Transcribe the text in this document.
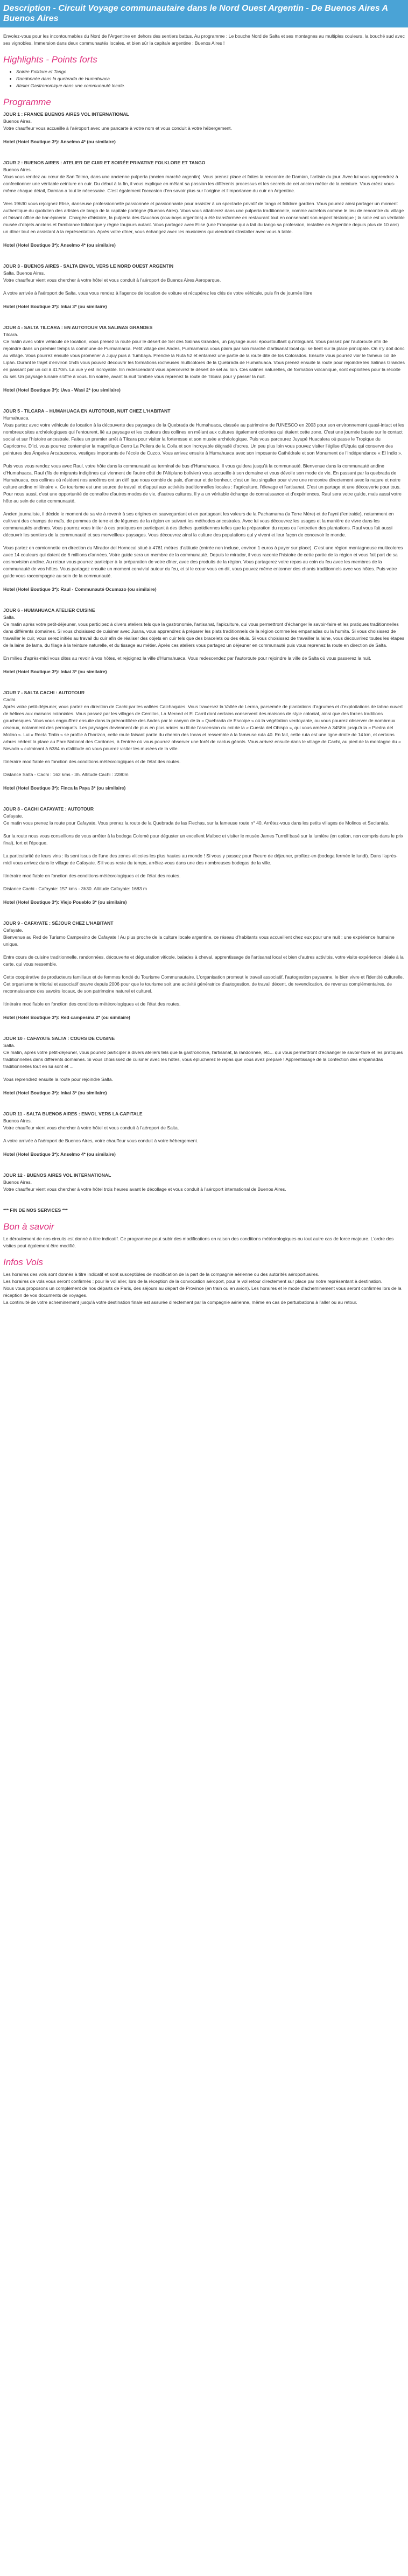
Description - Circuit Voyage communautaire dans le Nord Ouest Argentin - De Buenos Aires A Buenos Aires

Envolez-vous pour les incontournables du Nord de l'Argentine en dehors des sentiers battus. Au programme : Le bouche Nord de Salta et ses montagnes au multiples couleurs, la bouché sud avec ses vignobles. Immersion dans deux communautés locales, et bien sûr la capitale argentine : Buenos Aires !

Highlights - Points forts
• Soirée Folklore et Tango
• Randonnée dans la quebrada de Humahuaca
• Atelier Gastronomique dans une communauté locale.
Programme

JOUR 1 : FRANCE BUENOS AIRES VOL INTERNATIONAL

Buenos Aires.

Votre chauffeur vous accueille à l'aéroport avec une pancarte à votre nom et vous conduit à votre hébergement.

Hotel (Hotel Boutique 3*): Anselmo 4* (ou similaire)

JOUR 2 : BUENOS AIRES : ATELIER DE CUIR ET SOIRÉE PRIVATIVE FOLKLORE ET TANGO

Buenos Aires.

Vous vous rendez au cœur de San Telmo, dans une ancienne pulpería (ancien marché argentin). Vous prenez place et faites la rencontre de Damian, l'artiste du jour. Avec lui vous apprendrez à confectionner une véritable ceinture en cuir. Du début à la fin, il vous explique en mêlant sa passion les différents processus et les secrets de cet ancien métier de la ceinture. Vous créez vous-même chaque détail, Damian a tout le nécessaire. C'est également l'occasion d'en savoir plus sur l'origine et l'importance du cuir en Argentine.

Vers 19h30 vous rejoignez Elise, danseuse professionnelle passionnée et passionnante pour assister à un spectacle privatif de tango et folklore gardien. Vous pourrez ainsi partager un moment authentique du quotidien des artistes de tango de la capitale portègne (Buenos Aires). Vous vous attablerez dans une pulpería traditionnelle, comme autrefois comme le lieu de rencontre du village et faisant office de bar-épicerie. Chargée d'histoire, la pulpería des Gauchos (cow-boys argentins) a été transformée en restaurant tout en conservant son aspect historique ; la salle est un véritable musée d'objets anciens et l'ambiance folklorique y règne toujours autant. Vous partagez avec Elise (une Française qui a fait du tango sa profession, installée en Argentine depuis plus de 10 ans) un dîner tout en assistant à la représentation. Après votre dîner, vous échangez avec les musiciens qui viendront s'installer avec vous à table.

Hotel (Hotel Boutique 3*): Anselmo 4* (ou similaire)

JOUR 3 - BUENOS AIRES - SALTA ENVOL VERS LE NORD OUEST ARGENTIN

Salta, Buenos Aires.

Votre chauffeur vient vous chercher à votre hôtel et vous conduit à l'aéroport de Buenos Aires Aeroparque.

A votre arrivée à l'aéroport de Salta, vous vous rendez à l'agence de location de voiture et récupérez les clés de votre véhicule, puis fin de journée libre

Hotel (Hotel Boutique 3*): Inkai 3* (ou similaire)

JOUR 4 - SALTA TILCARA : EN AUTOTOUR VIA SALINAS GRANDES

Tilcara.

Ce matin avec votre véhicule de location, vous prenez la route pour le désert de Sel des Salinas Grandes, un paysage aussi époustouflant qu'intriguant. Vous passez par l'autoroute afin de rejoindre dans un premier temps la commune de Purmamarca. Petit village des Andes, Purmamarca vous plaira par son marché d'artisanat local qui se tient sur la place principale. On n'y doit donc au village. Vous pourrez ensuite vous promener à Jujuy puis à Tumbaya. Prendre la Ruta 52 et entamez une partie de la route dite de los Colorados. Ensuite vous pourrez voir le fameux col de Lipán. Durant le trajet d'environ 1h45 vous pouvez découvrir les formations rocheuses multicolores de la Quebrada de Humahuaca. Vous prenez ensuite la route pour rejoindre les Salinas Grandes en passant par un col à 4170m. La vue y est incroyable. En redescendant vous apercevrez le désert de sel au loin. Ces salines naturelles, de formation volcanique, sont exploitées pour la récolte du sel. Un paysage lunaire s'offre à vous. En soirée, avant la nuit tombée vous reprenez la route de Tilcara pour y passer la nuit.

Hotel (Hotel Boutique 3*): Uwa - Wasi 2* (ou similaire)

JOUR 5 - TILCARA – HUMAHUACA EN AUTOTOUR, NUIT CHEZ L'HABITANT

Humahuaca.

Vous partez avec votre véhicule de location à la découverte des paysages de la Quebrada de Humahuaca, classée au patrimoine de l'UNESCO en 2003 pour son environnement quasi-intact et les nombreux sites archéologiques qui l'entourent, lié au paysage et les couleurs des collines en mêlant aux cultures également colorées qui étaient cette zone. C'est une journée basée sur le contact social et sur l'histoire ancestrale. Faites un premier arrêt à Tilcara pour visiter la forteresse et son musée archéologique. Puis vous parcourez Juyupé Huacalera où passe le Tropique du Capricorne. D'ici, vous pourrez contempler la magnifique Cerro La Pollera de la Colla et son incroyable dégradé d'ocres. Un peu plus loin vous pouvez visiter l'église d'Uquía qui conserve des peintures des Ángeles Arcabuceros, vestiges importants de l'école de Cuzco. Vous arrivez ensuite à Humahuaca avec son imposante Cathédrale et son Monument de l'Indépendance « El Indio ».

Puis vous vous rendez vous avec Raul, votre hôte dans la communauté au terminal de bus d'Humahuaca. Il vous guidera jusqu'à la communauté. Bienvenue dans la communauté andine d'Humahuaca. Raul (fils de migrants indigènes qui viennent de l'autre côté de l'Altiplano bolivien) vous accueille à son domaine et vous dévoile son mode de vie. En passant par la quebrada de Humahuaca, ces collines où résident nos ancêtres ont un défi que nous comble de paix, d'amour et de bonheur, c'est un lieu singulier pour vivre une rencontre directement avec la nature et notre culture andine millénaire ». Ce tourisme est une source de travail et d'appui aux activités traditionnelles locales : l'agriculture, l'élevage et l'artisanat. C'est un partage et une découverte pour tous. Pour nous aussi, c'est une opportunité de connaître d'autres modes de vie, d'autres cultures. Il y a un véritable échange de connaissance et d'expériences. Raul sera votre guide, mais aussi votre hôte au sein de cette communauté.

Ancien journaliste, il décide le moment de sa vie à revenir à ses origines en sauvegardant et en partageant les valeurs de la Pachamama (la Terre Mère) et de l'ayni (l'entraide), notamment en cultivant des champs de maïs, de pommes de terre et de légumes de la région en suivant les méthodes ancestrales. Avec lui vous découvrez les usages et la manière de vivre dans les communautés andines. Vous pourrez vous initier à ces pratiques en participant à des tâches quotidiennes telles que la préparation du repas ou l'entretien des plantations. Raul vous fait aussi découvrir les sentiers de la communauté et ses merveilleux paysages. Vous découvrez ainsi la culture des populations qui y vivent et leur façon de concevoir le monde.

Vous partez en camionnette en direction du Mirador del Hornocal situé à 4761 mètres d'altitude (entrée non incluse, environ 1 euros à payer sur place). C'est une région montagneuse multicolores avec 14 couleurs qui datent de 6 millions d'années. Votre guide sera un membre de la communauté. Depuis le mirador, il vous raconte l'histoire de cette partie de la région et vous fait part de sa cosmovision andine. Au retour vous pourrez participer à la préparation de votre dîner, avec des produits de la région. Vous partagerez votre repas au coin du feu avec les membres de la communauté de vos hôtes. Vous partagez ensuite un moment convivial autour du feu, et si le cœur vous en dit, vous pouvez même entonner des chants traditionnels avec vos hôtes. Puis votre guide vous raccompagne au sein de la communauté.

Hotel (Hotel Boutique 3*): Raul - Communauté Ocumazo (ou similaire)

JOUR 6 - HUMAHUACA ATELIER CUISINE

Salta.

Ce matin après votre petit-déjeuner, vous participez à divers ateliers tels que la gastronomie, l'artisanat, l'apiculture, qui vous permettront d'échanger le savoir-faire et les pratiques traditionnelles dans différents domaines. Si vous choisissez de cuisiner avec Juana, vous apprendrez à préparer les plats traditionnels de la région comme les empanadas ou la humita. Si vous choisissez de travailler le cuir, vous serez initiés au travail du cuir afin de réaliser des objets en cuir tels que des bracelets ou des étuis. Si vous choisissez de travailler la laine, vous découvrirez toutes les étapes de la laine de lama, du filage à la teinture naturelle, et du tissage au métier. Après ces ateliers vous partagez un déjeuner en communauté puis vous reprenez la route en direction de Salta.

En milieu d'après-midi vous dites au revoir à vos hôtes, et rejoignez la ville d'Humahuaca. Vous redescendez par l'autoroute pour rejoindre la ville de Salta où vous passerez la nuit.

Hotel (Hotel Boutique 3*): Inkai 3* (ou similaire)

JOUR 7 - SALTA CACHI : AUTOTOUR

Cachi.

Après votre petit-déjeuner, vous partez en direction de Cachi par les vallées Calchaquíes. Vous traversez la Vallée de Lerma, parsemée de plantations d'agrumes et d'exploitations de tabac ouvert de hélices aux maisons coloniales. Vous passez par les villages de Cerrillos, La Merced et El Carril dont certains conservent des maisons de style colonial, ainsi que des forces traditions gauchesques. Vous vous engouffrez ensuite dans la précordillère des Andes par le canyon de la « Quebrada de Escoipe » où la végétation verdoyante, ou vous pourrez observer de nombreux oiseaux, notamment des perroquets. Les paysages deviennent de plus en plus arides au fil de l'ascension du col de la « Cuesta del Obispo », qui vous amène à 3458m jusqu'à la « Piedra del Molino ». Lui « Recta Tintin » se profile à l'horizon, cette route faisant partie du chemin des Incas et ressemble à la fameuse ruta 40. En fait, cette ruta est une ligne droite de 14 km, et certains arbres cèdent la place au Parc National des Cardones, à l'entrée où vous pourrez observer une forêt de cactus géants. Vous arrivez ensuite dans le village de Cachi, au pied de la montagne du « Nevado » culminant à 6384 m d'altitude où vous pourrez visiter les musées de la ville.

Itinéraire modifiable en fonction des conditions météorologiques et de l'état des routes.

Distance Salta - Cachi : 162 kms - 3h. Altitude Cachi : 2280m

Hotel (Hotel Boutique 3*): Finca la Paya 3* (ou similaire)

JOUR 8 - CACHI CAFAYATE : AUTOTOUR

Cafayate.

Ce matin vous prenez la route pour Cafayate. Vous prenez la route de la Quebrada de las Flechas, sur la fameuse route n° 40. Arrêtez-vous dans les petits villages de Molinos et Seclantás.

Sur la route nous vous conseillons de vous arrêter à la bodega Colomé pour déguster un excellent Malbec et visiter le musée James Turrell basé sur la lumière (en option, non compris dans le prix final), fort et l'époque.

La particularité de leurs vins : ils sont issus de l'une des zones viticoles les plus hautes au monde ! Si vous y passez pour l'heure de déjeuner, profitez-en (bodega fermée le lundi). Dans l'après-midi vous arrivez dans le village de Cafayate. S'il vous reste du temps, arrêtez-vous dans une des nombreuses bodegas de la ville.

Itinéraire modifiable en fonction des conditions météorologiques et de l'état des routes.

Distance Cachi - Cafayate: 157 kms - 3h30. Altitude Cafayate: 1683 m

Hotel (Hotel Boutique 3*): Viejo Poueblo 3* (ou similaire)

JOUR 9 - CAFAYATE : SÉJOUR CHEZ L'HABITANT

Cafayate.

Bienvenue au Red de Turismo Campesino de Cafayate ! Au plus proche de la culture locale argentine, ce réseau d'habitants vous accueillent chez eux pour une nuit : une expérience humaine unique.

Entre cours de cuisine traditionnelle, randonnées, découverte et dégustation viticole, balades à cheval, apprentissage de l'artisanat local et bien d'autres activités, votre visite expérience idéale à la carte, qui vous ressemble.

Cette coopérative de producteurs familiaux et de femmes fondé du Tourisme Communautaire. L'organisation promeut le travail associatif, l'autogestion paysanne, le bien vivre et l'identité culturelle. Cet organisme territorial et associatif œuvre depuis 2006 pour que le tourisme soit une activité génératrice d'autogestion, de travail décent, de revendication, de revenus complémentaires, de reconnaissance des savoirs locaux, de son patrimoine naturel et culturel.

Itinéraire modifiable en fonction des conditions météorologiques et de l'état des routes.

Hotel (Hotel Boutique 3*): Red campesina 2* (ou similaire)

JOUR 10 - CAFAYATE SALTA : COURS DE CUISINE

Salta.

Ce matin, après votre petit-déjeuner, vous pourrez participer à divers ateliers tels que la gastronomie, l'artisanat, la randonnée, etc... qui vous permettront d'échanger le savoir-faire et les pratiques traditionnelles dans différents domaines. Si vous choisissez de cuisiner avec les hôtes, vous éplucherez le repas que vous avez préparé ! Apprentissage de la confection des empanadas traditionnelles tout en lui sont et ...

Vous reprendrez ensuite la route pour rejoindre Salta.

Hotel (Hotel Boutique 3*): Inkai 3* (ou similaire)

JOUR 11 - SALTA BUENOS AIRES : ENVOL VERS LA CAPITALE

Buenos Aires.

Votre chauffeur vient vous chercher à votre hôtel et vous conduit à l'aéroport de Salta.

A votre arrivée à l'aéroport de Buenos Aires, votre chauffeur vous conduit à votre hébergement.

Hotel (Hotel Boutique 3*): Anselmo 4* (ou similaire)

JOUR 12 - BUENOS AIRES VOL INTERNATIONAL

Buenos Aires.

Votre chauffeur vient vous chercher à votre hôtel trois heures avant le décollage et vous conduit à l'aéroport international de Buenos Aires.

*** FIN DE NOS SERVICES ***

Bon à savoir

Le déroulement de nos circuits est donné à titre indicatif. Ce programme peut subir des modifications en raison des conditions météorologiques ou tout autre cas de force majeure. L'ordre des visites peut également être modifié.

Infos Vols

Les horaires des vols sont donnés à titre indicatif et sont susceptibles de modification de la part de la compagnie aérienne ou des autorités aéroportuaires.

Les horaires de vols vous seront confirmés : pour le vol aller, lors de la réception de la convocation aéroport, pour le vol retour directement sur place par notre représentant à destination.

Nous vous proposons un complément de nos départs de Paris, des séjours au départ de Province (en train ou en avion). Les horaires et le mode d'acheminement vous seront confirmés lors de la réception de vos documents de voyages.

La continuité de votre acheminement jusqu'à votre destination finale est assurée directement par la compagnie aérienne, même en cas de perturbations à l'aller ou au retour.
